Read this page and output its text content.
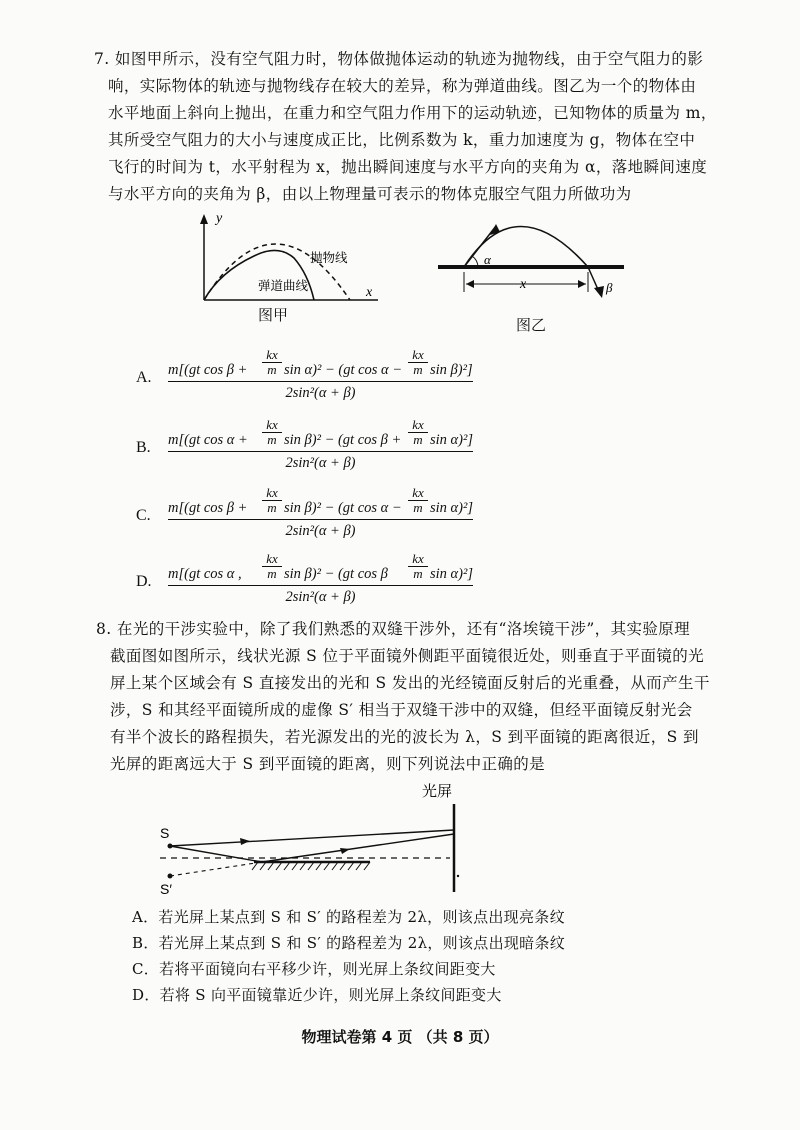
7. 如图甲所示，没有空气阻力时，物体做抛体运动的轨迹为抛物线，由于空气阻力的影
响，实际物体的轨迹与抛物线存在较大的差异，称为弹道曲线。图乙为一个的物体由
水平地面上斜向上抛出，在重力和空气阻力作用下的运动轨迹，已知物体的质量为 m，
其所受空气阻力的大小与速度成正比，比例系数为 k，重力加速度为 g，物体在空中
飞行的时间为 t，水平射程为 x，抛出瞬间速度与水平方向的夹角为 α，落地瞬间速度
与水平方向的夹角为 β，由以上物理量可表示的物体克服空气阻力所做功为
y
x
抛物线
弹道曲线
图甲
α
β
x
图乙
A. m[(gt $\cos \beta + \frac{kx}{m}$ sin α)² − (gt $\cos \alpha - \frac{kx}{m}$ sin β)²]
2sin²(α + β)
B. m[(gt $\cos \alpha + \frac{kx}{m}$ sin β)² − (gt $\cos \beta + \frac{kx}{m}$ sin α)²]
2sin²(α + β)
C. m[(gt $\cos \beta + \frac{kx}{m}$ sin β)² − (gt $\cos \alpha - \frac{kx}{m}$ sin α)²]
2sin²(α + β)
D. m[(gt cos α , $\frac{kx}{m}$ sin β)² − (gt cos β $\frac{kx}{m}$ sin α)²]
2sin²(α + β)
8. 在光的干涉实验中，除了我们熟悉的双缝干涉外，还有“洛埃镜干涉”，其实验原理
截面图如图所示，线状光源 S 位于平面镜外侧距平面镜很近处，则垂直于平面镜的光
屏上某个区域会有 S 直接发出的光和 S 发出的光经镜面反射后的光重叠，从而产生干
涉，S 和其经平面镜所成的虚像 S′ 相当于双缝干涉中的双缝，但经平面镜反射光会
有半个波长的路程损失，若光源发出的光的波长为 λ，S 到平面镜的距离很近，S 到
光屏的距离远大于 S 到平面镜的距离，则下列说法中正确的是
光屏
S
S′
A．若光屏上某点到 S 和 S′ 的路程差为 2λ，则该点出现亮条纹
B．若光屏上某点到 S 和 S′ 的路程差为 2λ，则该点出现暗条纹
C．若将平面镜向右平移少许，则光屏上条纹间距变大
D．若将 S 向平面镜靠近少许，则光屏上条纹间距变大
物理试卷第 4 页 （共 8 页）
